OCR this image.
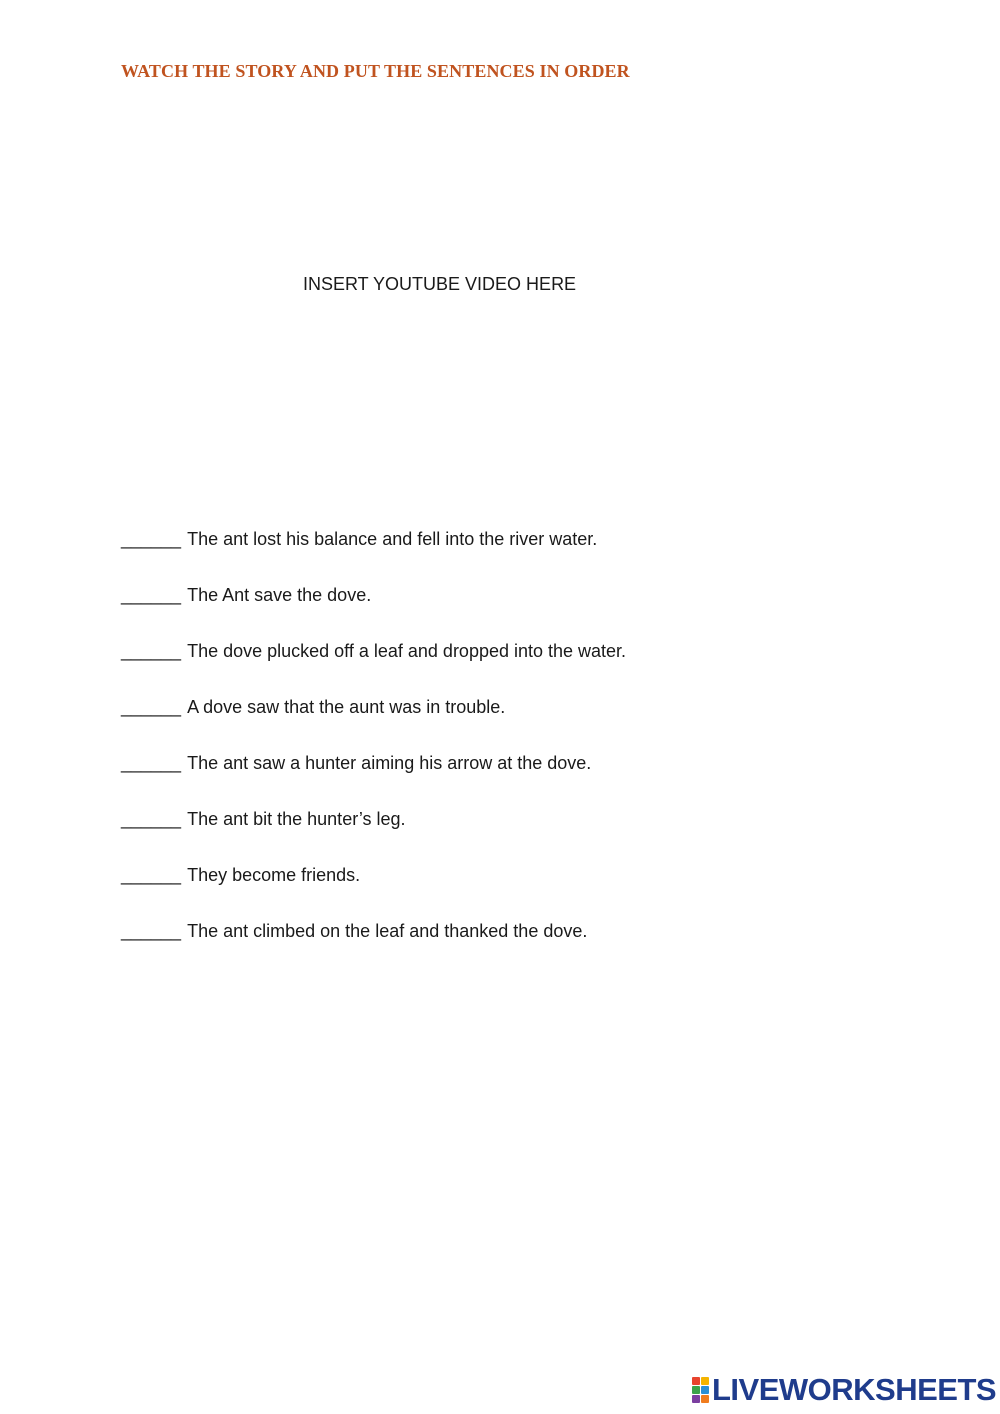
WATCH THE STORY AND PUT THE SENTENCES IN ORDER
INSERT YOUTUBE VIDEO HERE
______ The ant lost his balance and fell into the river water.
______ The Ant save the dove.
______ The dove plucked off a leaf and dropped into the water.
______ A dove saw that the aunt was in trouble.
______ The ant saw a hunter aiming his arrow at the dove.
______ The ant bit the hunter’s leg.
______ They become friends.
______ The ant climbed on the leaf and thanked the dove.
LIVEWORKSHEETS
